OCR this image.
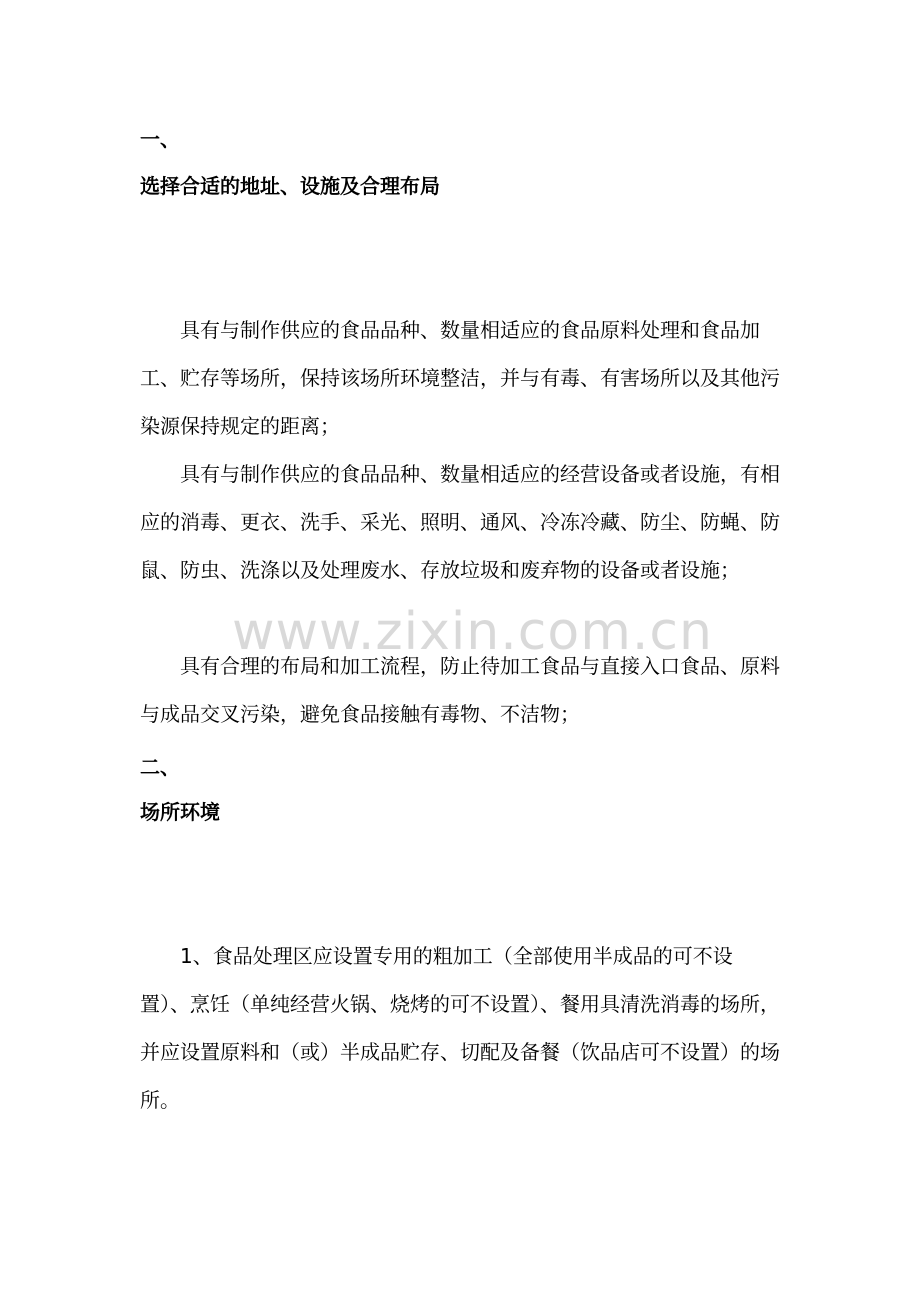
一、
选择合适的地址、设施及合理布局

具有与制作供应的食品品种、数量相适应的食品原料处理和食品加工、贮存等场所，保持该场所环境整洁，并与有毒、有害场所以及其他污染源保持规定的距离；

具有与制作供应的食品品种、数量相适应的经营设备或者设施，有相应的消毒、更衣、洗手、采光、照明、通风、冷冻冷藏、防尘、防蝇、防鼠、防虫、洗涤以及处理废水、存放垃圾和废弃物的设备或者设施；

具有合理的布局和加工流程，防止待加工食品与直接入口食品、原料与成品交叉污染，避免食品接触有毒物、不洁物；

二、
场所环境

1、食品处理区应设置专用的粗加工（全部使用半成品的可不设置）、烹饪（单纯经营火锅、烧烤的可不设置）、餐用具清洗消毒的场所，并应设置原料和（或）半成品贮存、切配及备餐（饮品店可不设置）的场所。

www.zixin.com.cn
